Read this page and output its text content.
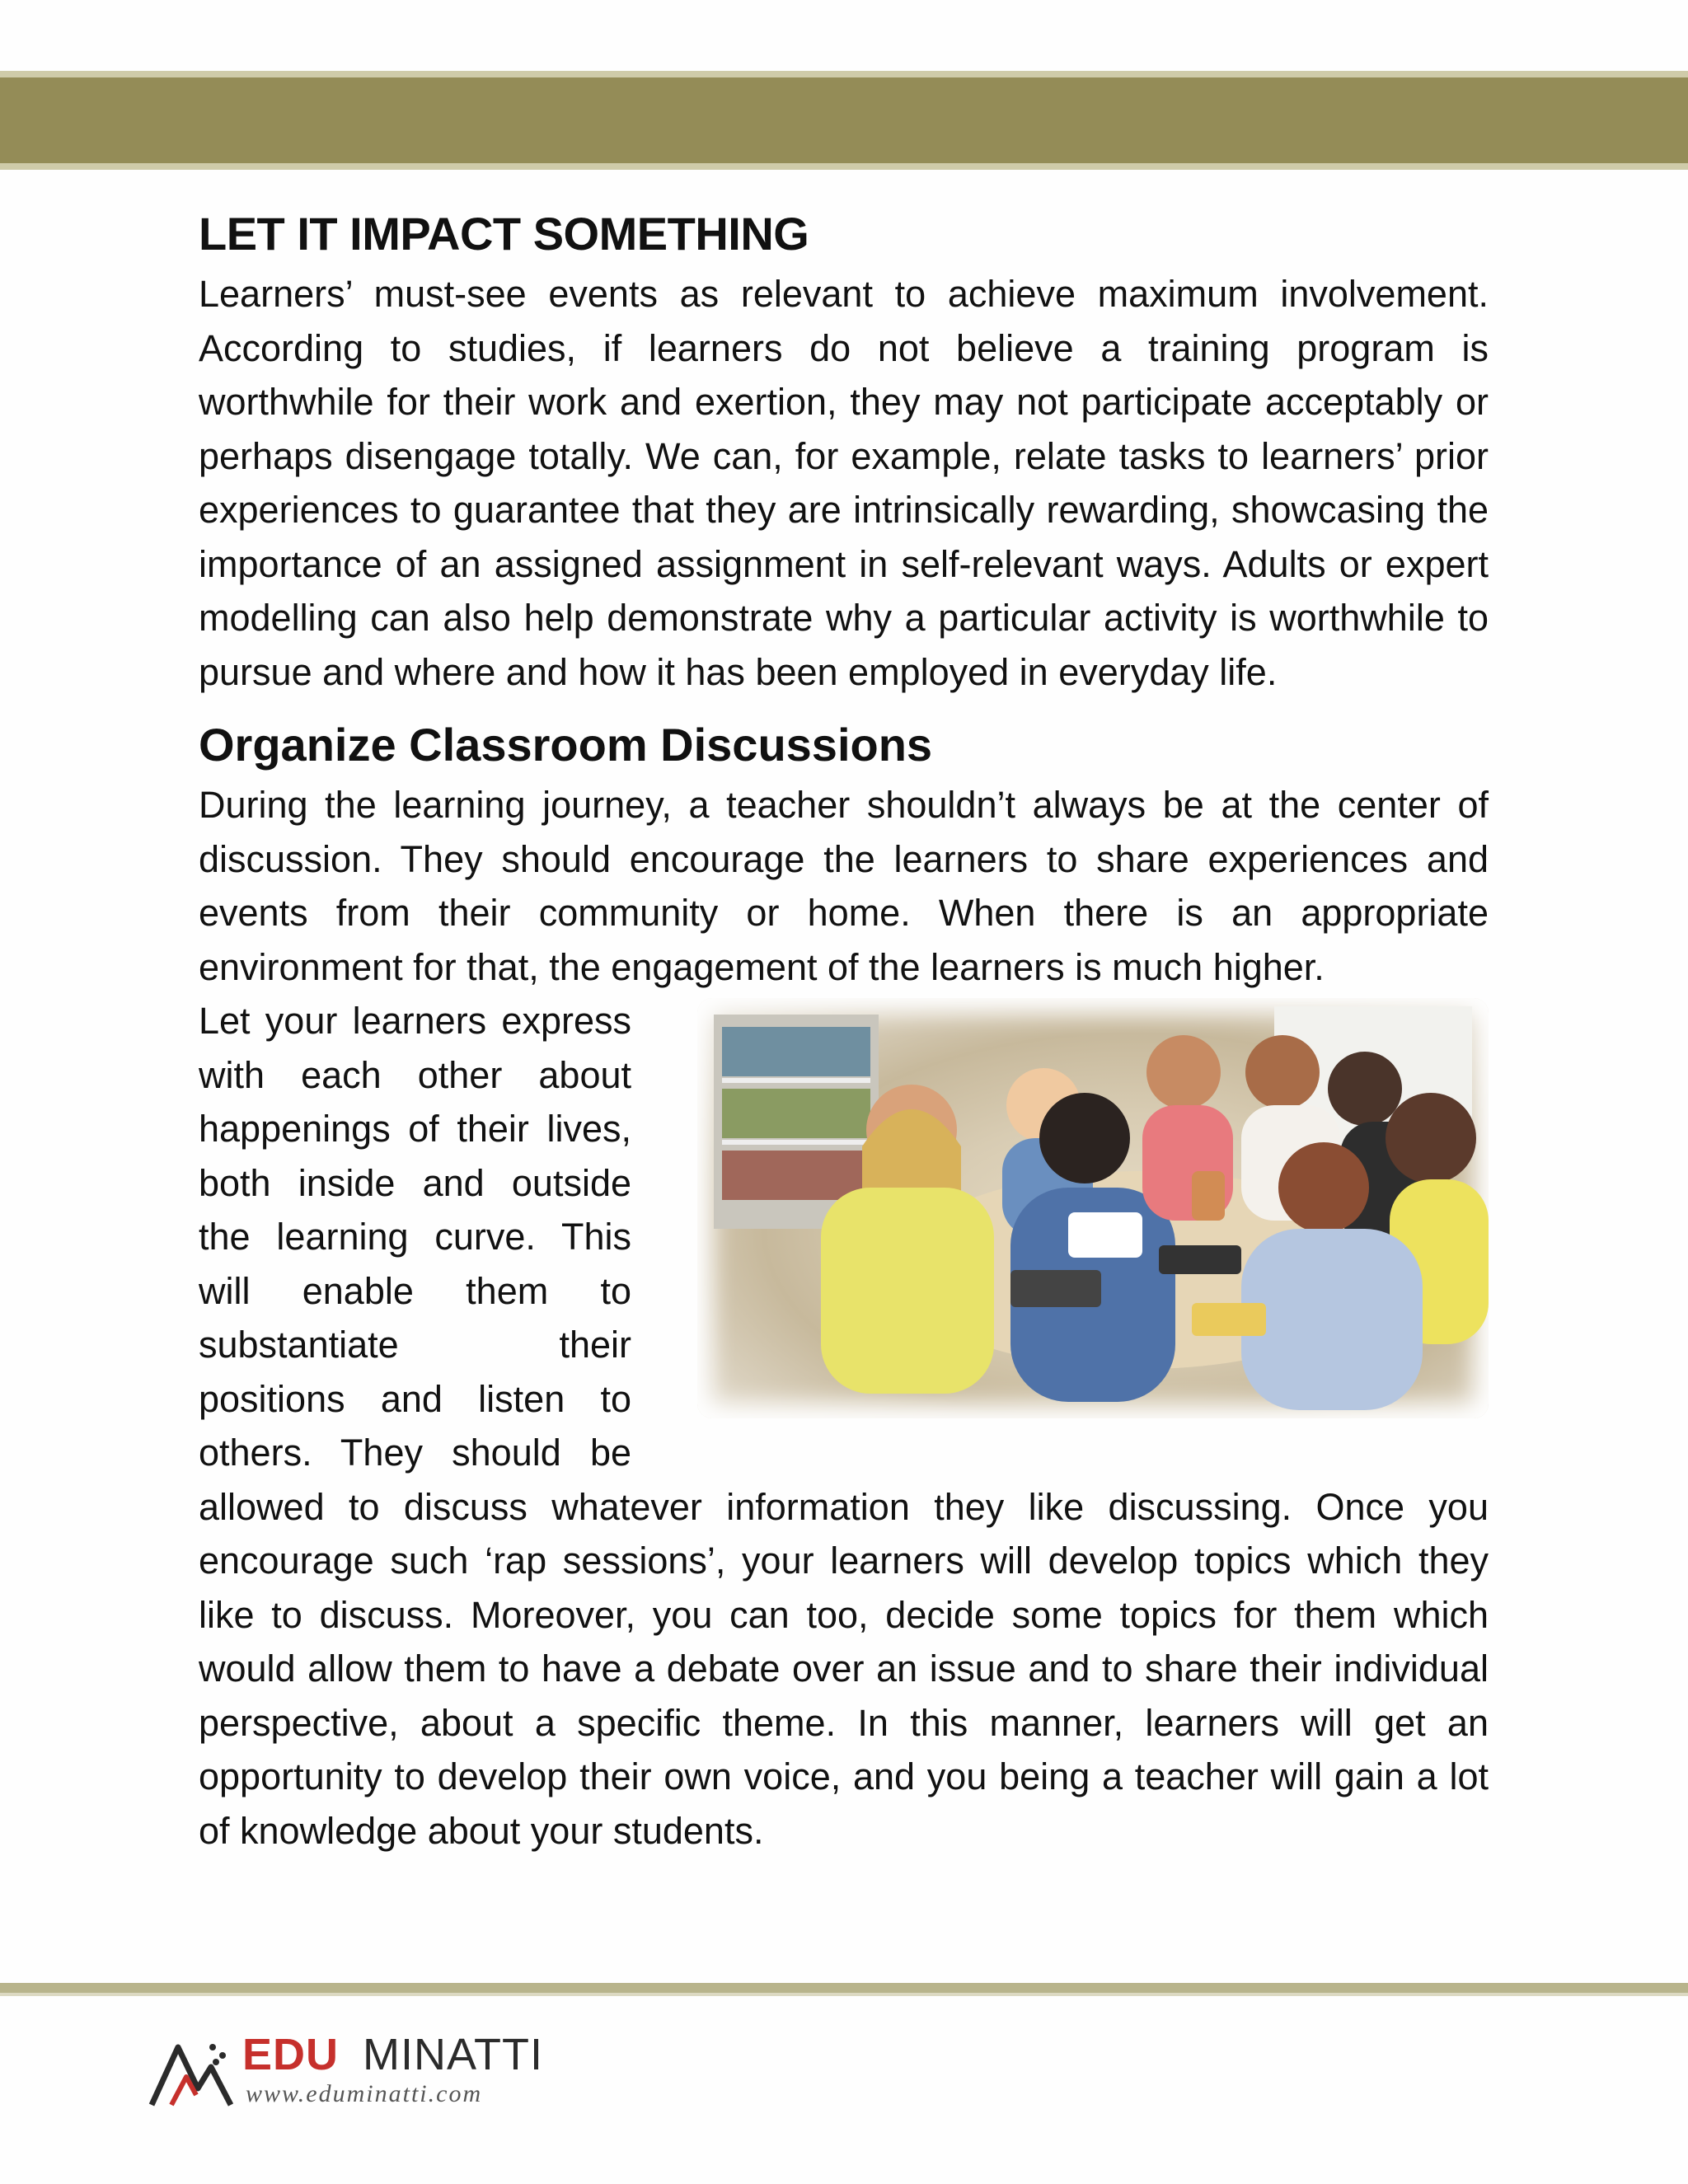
LET IT IMPACT SOMETHING

Learners’ must-see events as relevant to achieve maximum involvement. According to studies, if learners do not believe a training program is worthwhile for their work and exertion, they may not participate acceptably or perhaps disengage totally. We can, for example, relate tasks to learners’ prior experiences to guarantee that they are intrinsically rewarding, showcasing the importance of an assigned assignment in self-relevant ways. Adults or expert modelling can also help demonstrate why a particular activity is worthwhile to pursue and where and how it has been employed in everyday life.

Organize Classroom Discussions

During the learning journey, a teacher shouldn’t always be at the center of discussion. They should encourage the learners to share experiences and events from their community or home. When there is an appropriate environment for that, the engagement of the learners is much higher.

Let your learners express with each other about happenings of their lives, both inside and outside the learning curve. This will enable them to substantiate their positions and listen to others. They should be allowed to discuss whatever information they like discussing. Once you encourage such ‘rap sessions’, your learners will develop topics which they like to discuss. Moreover, you can too, decide some topics for them which would allow them to have a debate over an issue and to share their individual perspective, about a specific theme. In this manner, learners will get an opportunity to develop their own voice, and you being a teacher will gain a lot of knowledge about your students.

EDU MINATTI
www.eduminatti.com
